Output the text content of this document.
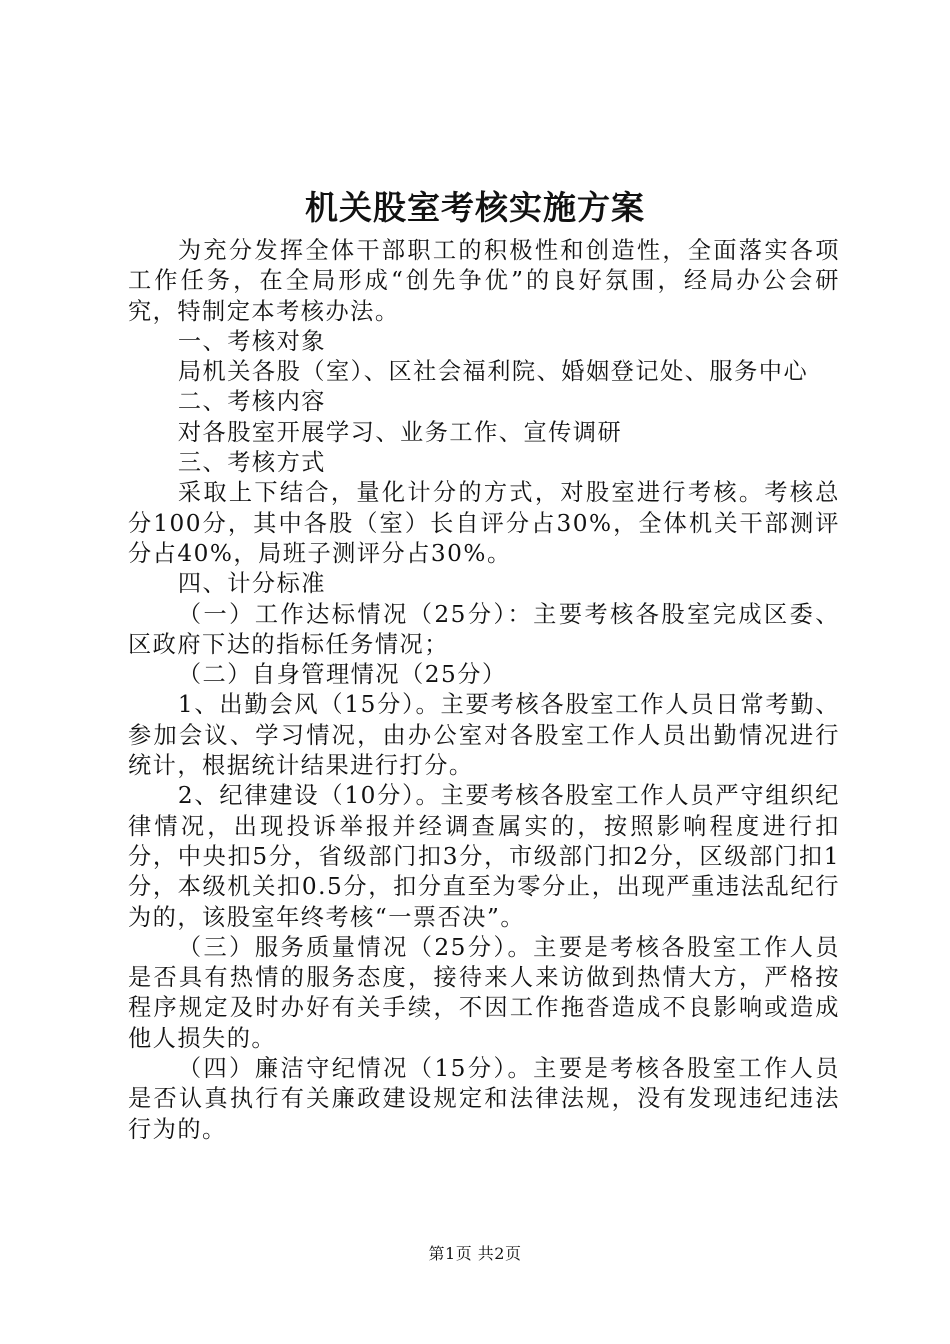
机关股室考核实施方案

为充分发挥全体干部职工的积极性和创造性，全面落实各项工作任务，在全局形成“创先争优”的良好氛围，经局办公会研究，特制定本考核办法。

一、考核对象

局机关各股（室）、区社会福利院、婚姻登记处、服务中心

二、考核内容

对各股室开展学习、业务工作、宣传调研

三、考核方式

采取上下结合，量化计分的方式，对股室进行考核。考核总分100分，其中各股（室）长自评分占30%，全体机关干部测评分占40%，局班子测评分占30%。

四、计分标准

（一）工作达标情况（25分）：主要考核各股室完成区委、区政府下达的指标任务情况；

（二）自身管理情况（25分）

1、出勤会风（15分）。主要考核各股室工作人员日常考勤、参加会议、学习情况，由办公室对各股室工作人员出勤情况进行统计，根据统计结果进行打分。

2、纪律建设（10分）。主要考核各股室工作人员严守组织纪律情况，出现投诉举报并经调查属实的，按照影响程度进行扣分，中央扣5分，省级部门扣3分，市级部门扣2分，区级部门扣1分，本级机关扣0.5分，扣分直至为零分止，出现严重违法乱纪行为的，该股室年终考核“一票否决”。

（三）服务质量情况（25分）。主要是考核各股室工作人员是否具有热情的服务态度，接待来人来访做到热情大方，严格按程序规定及时办好有关手续，不因工作拖沓造成不良影响或造成他人损失的。

（四）廉洁守纪情况（15分）。主要是考核各股室工作人员是否认真执行有关廉政建设规定和法律法规，没有发现违纪违法行为的。

第1页 共2页
